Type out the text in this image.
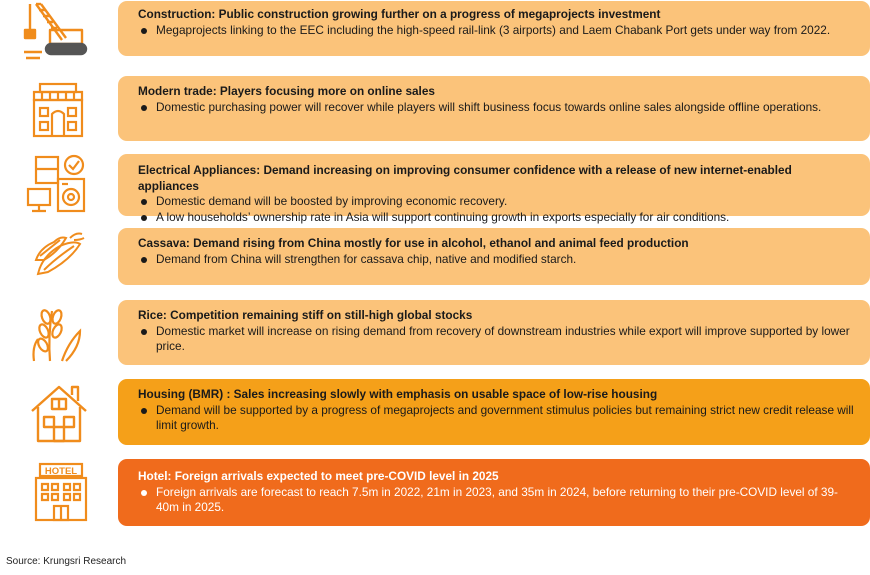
Construction: Public construction growing further on a progress of megaprojects investment
Megaprojects linking to the EEC including the high-speed rail-link (3 airports) and Laem Chabank Port gets under way from 2022.
Modern trade: Players focusing more on online sales
Domestic purchasing power will recover while players will shift business focus towards online sales alongside offline operations.
Electrical Appliances: Demand increasing on improving consumer confidence with a release of new internet-enabled appliances
Domestic demand will be boosted by improving economic recovery.
A low households’ ownership rate in Asia will support continuing growth in exports especially for air conditions.
Cassava: Demand rising from China mostly for use in alcohol, ethanol and animal feed production
Demand from China will strengthen for cassava chip, native and modified starch.
Rice: Competition remaining stiff on still-high global stocks
Domestic market will increase on rising demand from recovery of downstream industries while export will improve supported by lower price.
Housing (BMR) : Sales increasing slowly with emphasis on usable space of low-rise housing
Demand will be supported by a progress of megaprojects and government stimulus policies but remaining strict new credit release will limit growth.
HOTEL	Hotel: Foreign arrivals expected to meet pre-COVID level in 2025
Foreign arrivals are forecast to reach 7.5m in 2022, 21m in 2023, and 35m in 2024, before returning to their pre-COVID level of 39-40m in 2025.
Source: Krungsri Research
